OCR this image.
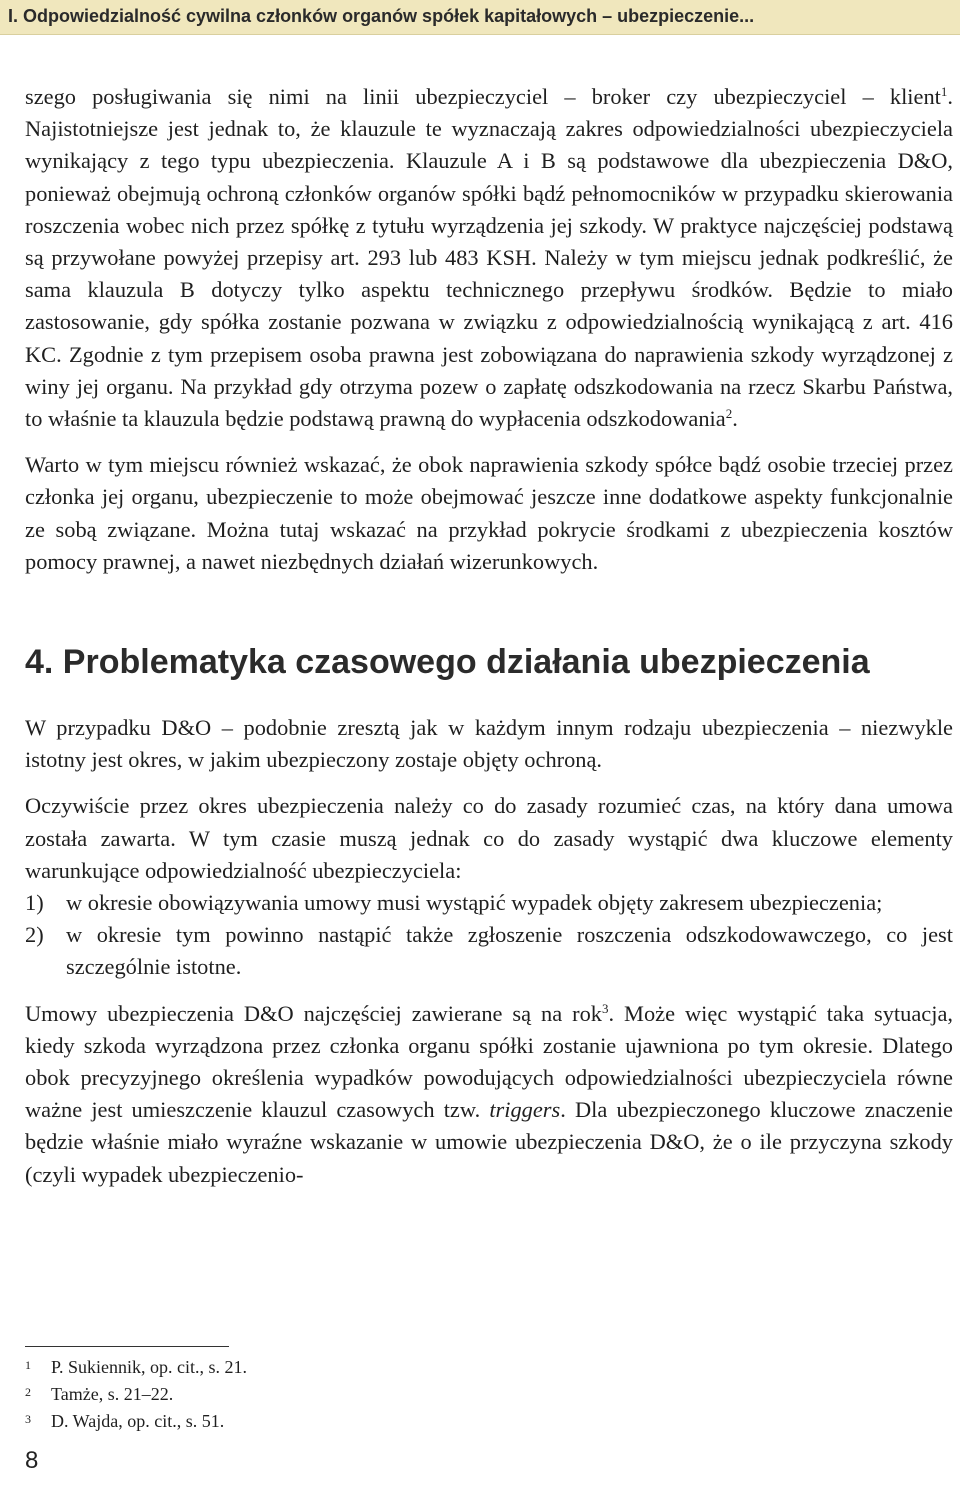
I. Odpowiedzialność cywilna członków organów spółek kapitałowych – ubezpieczenie...

szego posługiwania się nimi na linii ubezpieczyciel – broker czy ubezpieczyciel – klient$^1$. Najistotniejsze jest jednak to, że klauzule te wyznaczają zakres odpowiedzialności ubezpieczyciela wynikający z tego typu ubezpieczenia. Klauzule A i B są podstawowe dla ubezpieczenia D&O, ponieważ obejmują ochroną członków organów spółki bądź pełnomocników w przypadku skierowania roszczenia wobec nich przez spółkę z tytułu wyrządzenia jej szkody. W praktyce najczęściej podstawą są przywołane powyżej przepisy art. 293 lub 483 KSH. Należy w tym miejscu jednak podkreślić, że sama klauzula B dotyczy tylko aspektu technicznego przepływu środków. Będzie to miało zastosowanie, gdy spółka zostanie pozwana w związku z odpowiedzialnością wynikającą z art. 416 KC. Zgodnie z tym przepisem osoba prawna jest zobowiązana do naprawienia szkody wyrządzonej z winy jej organu. Na przykład gdy otrzyma pozew o zapłatę odszkodowania na rzecz Skarbu Państwa, to właśnie ta klauzula będzie podstawą prawną do wypłacenia odszkodowania$^2$.

Warto w tym miejscu również wskazać, że obok naprawienia szkody spółce bądź osobie trzeciej przez członka jej organu, ubezpieczenie to może obejmować jeszcze inne dodatkowe aspekty funkcjonalnie ze sobą związane. Można tutaj wskazać na przykład pokrycie środkami z ubezpieczenia kosztów pomocy prawnej, a nawet niezbędnych działań wizerunkowych.

4. Problematyka czasowego działania ubezpieczenia

W przypadku D&O – podobnie zresztą jak w każdym innym rodzaju ubezpieczenia – niezwykle istotny jest okres, w jakim ubezpieczony zostaje objęty ochroną.

Oczywiście przez okres ubezpieczenia należy co do zasady rozumieć czas, na który dana umowa została zawarta. W tym czasie muszą jednak co do zasady wystąpić dwa kluczowe elementy warunkujące odpowiedzialność ubezpieczyciela:

1) w okresie obowiązywania umowy musi wystąpić wypadek objęty zakresem ubezpieczenia;
2) w okresie tym powinno nastąpić także zgłoszenie roszczenia odszkodowawczego, co jest szczególnie istotne.

Umowy ubezpieczenia D&O najczęściej zawierane są na rok$^3$. Może więc wystąpić taka sytuacja, kiedy szkoda wyrządzona przez członka organu spółki zostanie ujawniona po tym okresie. Dlatego obok precyzyjnego określenia wypadków powodujących odpowiedzialności ubezpieczyciela równe ważne jest umieszczenie klauzul czasowych tzw. triggers. Dla ubezpieczonego kluczowe znaczenie będzie właśnie miało wyraźne wskazanie w umowie ubezpieczenia D&O, że o ile przyczyna szkody (czyli wypadek ubezpieczenio-

1 P. Sukiennik, op. cit., s. 21.
2 Tamże, s. 21–22.
3 D. Wajda, op. cit., s. 51.
8
